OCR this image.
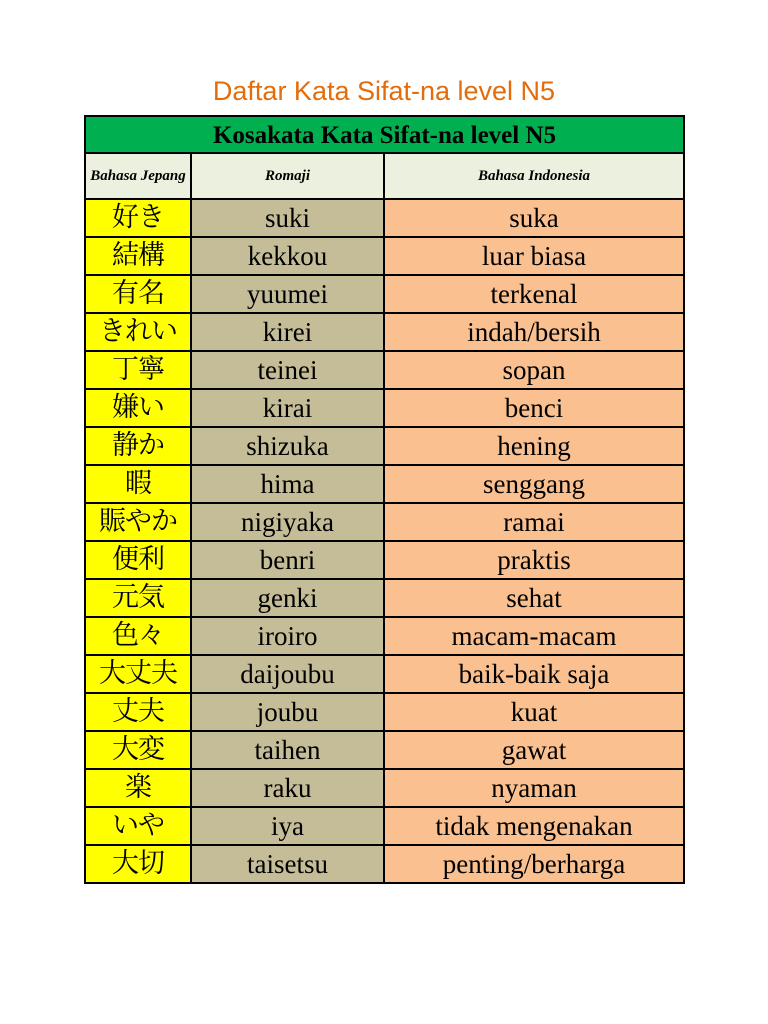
Daftar Kata Sifat-na level N5
Kosakata Kata Sifat-na level N5
Bahasa Jepang	Romaji	Bahasa Indonesia
好き	suki	suka
結構	kekkou	luar biasa
有名	yuumei	terkenal
きれい	kirei	indah/bersih
丁寧	teinei	sopan
嫌い	kirai	benci
静か	shizuka	hening
暇	hima	senggang
賑やか	nigiyaka	ramai
便利	benri	praktis
元気	genki	sehat
色々	iroiro	macam-macam
大丈夫	daijoubu	baik-baik saja
丈夫	joubu	kuat
大変	taihen	gawat
楽	raku	nyaman
いや	iya	tidak mengenakan
大切	taisetsu	penting/berharga
